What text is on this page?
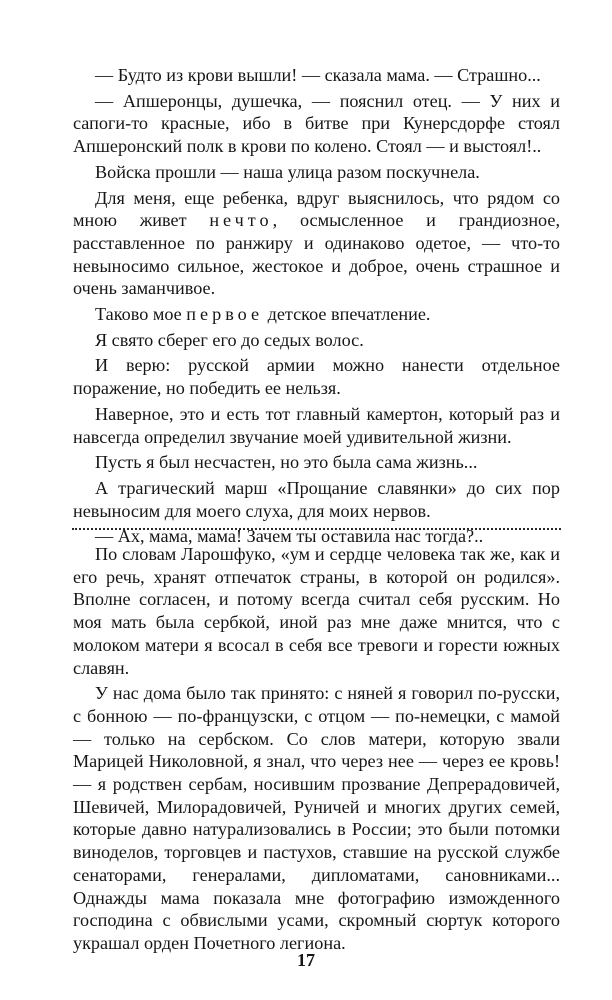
— Будто из крови вышли! — сказала мама. — Страшно...

— Апшеронцы, душечка, — пояснил отец. — У них и сапоги-то красные, ибо в битве при Кунерсдорфе стоял Апшеронский полк в крови по колено. Стоял — и выстоял!..

Войска прошли — наша улица разом поскучнела.

Для меня, еще ребенка, вдруг выяснилось, что рядом со мною живет нечто, осмысленное и грандиозное, расставленное по ранжиру и одинаково одетое, — что-то невыносимо сильное, жестокое и доброе, очень страшное и очень заманчивое.

Таково мое первое детское впечатление.

Я свято сберег его до седых волос.

И верю: русской армии можно нанести отдельное поражение, но победить ее нельзя.

Наверное, это и есть тот главный камертон, который раз и навсегда определил звучание моей удивительной жизни.

Пусть я был несчастен, но это была сама жизнь...

А трагический марш «Прощание славянки» до сих пор невыносим для моего слуха, для моих нервов.

— Ах, мама, мама! Зачем ты оставила нас тогда?..

По словам Ларошфуко, «ум и сердце человека так же, как и его речь, хранят отпечаток страны, в которой он родился». Вполне согласен, и потому всегда считал себя русским. Но моя мать была сербкой, иной раз мне даже мнится, что с молоком матери я всосал в себя все тревоги и горести южных славян.

У нас дома было так принято: с няней я говорил по-русски, с бонною — по-французски, с отцом — по-немецки, с мамой — только на сербском. Со слов матери, которую звали Марицей Николовной, я знал, что через нее — через ее кровь! — я родствен сербам, носившим прозвание Депрерадовичей, Шевичей, Милорадовичей, Руничей и многих других семей, которые давно натурализовались в России; это были потомки виноделов, торговцев и пастухов, ставшие на русской службе сенаторами, генералами, дипломатами, сановниками... Однажды мама показала мне фотографию изможденного господина с обвислыми усами, скромный сюртук которого украшал орден Почетного легиона.

17
